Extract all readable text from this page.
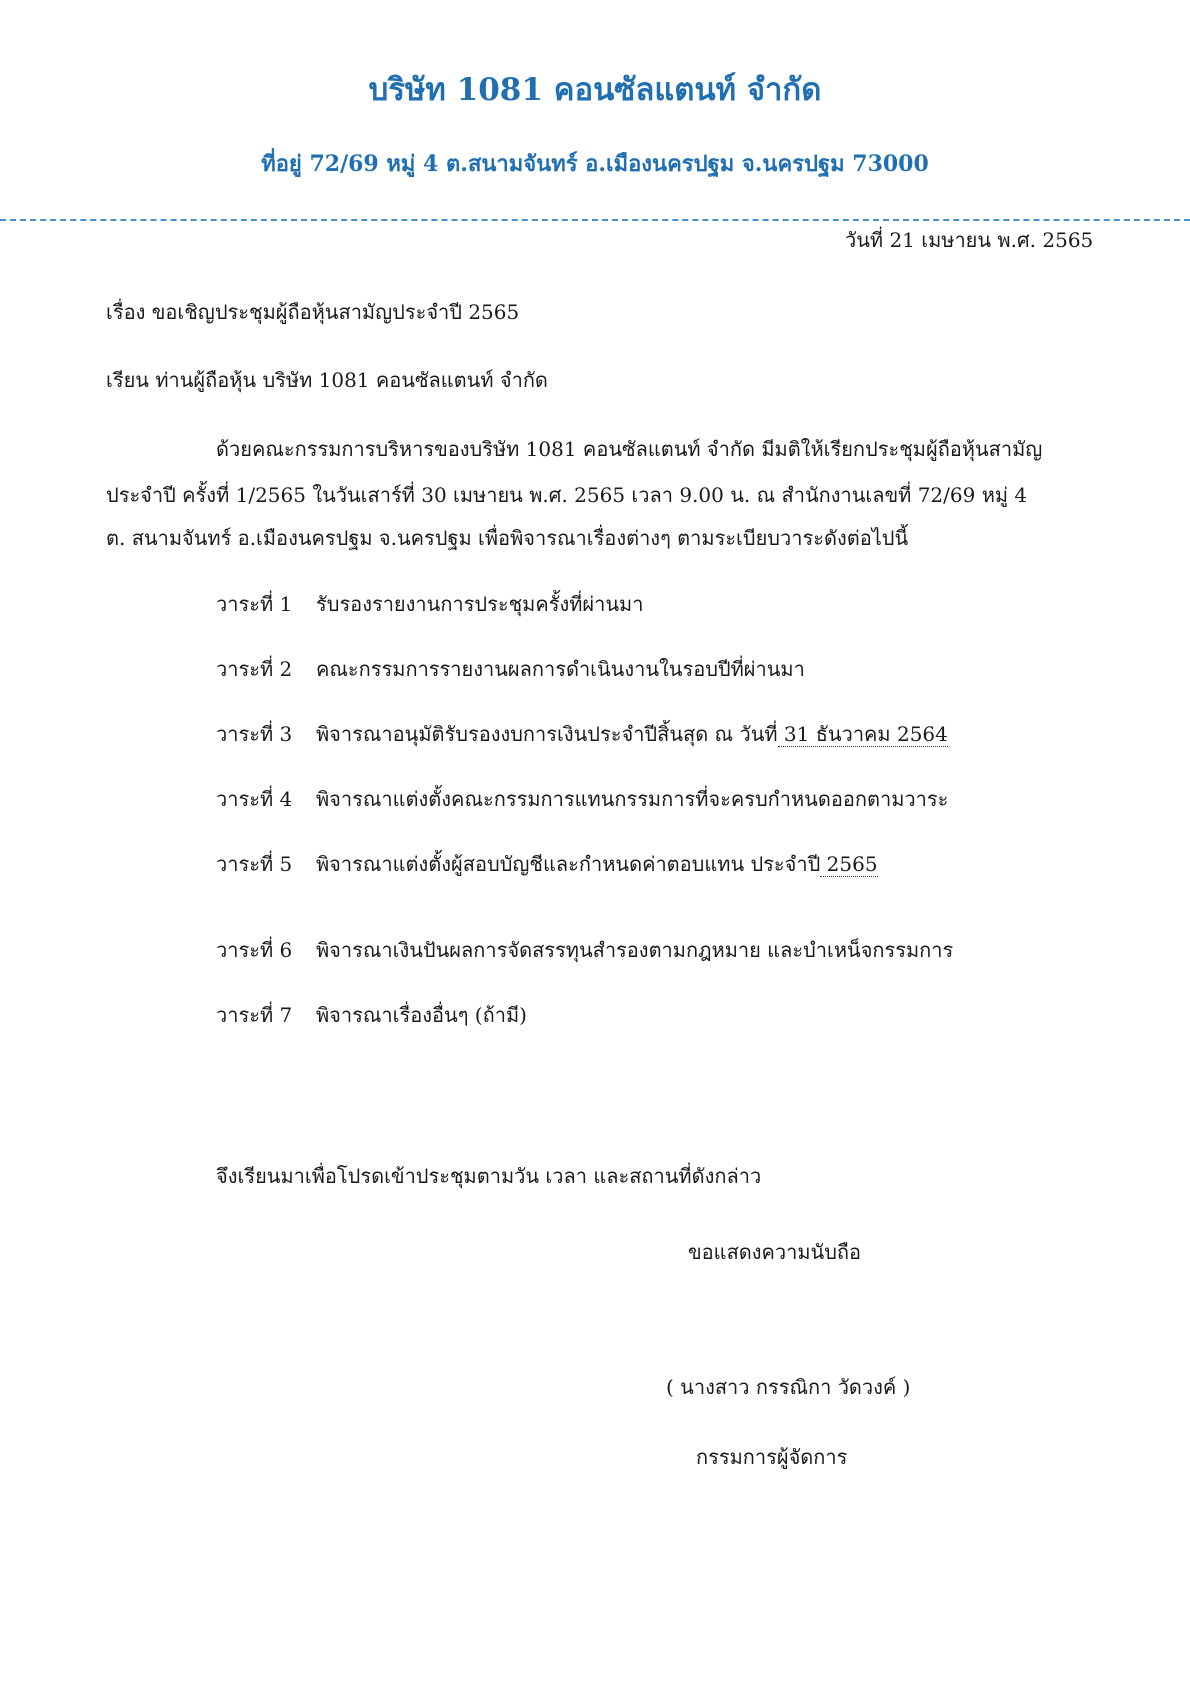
บริษัท 1081 คอนซัลแตนท์ จำกัด
ที่อยู่ 72/69 หมู่ 4 ต.สนามจันทร์ อ.เมืองนครปฐม จ.นครปฐม 73000
วันที่ 21 เมษายน พ.ศ. 2565
เรื่อง ขอเชิญประชุมผู้ถือหุ้นสามัญประจำปี 2565
เรียน ท่านผู้ถือหุ้น บริษัท 1081 คอนซัลแตนท์ จำกัด
ด้วยคณะกรรมการบริหารของบริษัท 1081 คอนซัลแตนท์ จำกัด มีมติให้เรียกประชุมผู้ถือหุ้นสามัญ
ประจำปี ครั้งที่ 1/2565 ในวันเสาร์ที่ 30 เมษายน พ.ศ. 2565 เวลา 9.00 น. ณ สำนักงานเลขที่ 72/69 หมู่ 4
ต. สนามจันทร์ อ.เมืองนครปฐม จ.นครปฐม เพื่อพิจารณาเรื่องต่างๆ ตามระเบียบวาระดังต่อไปนี้
วาระที่ 1 รับรองรายงานการประชุมครั้งที่ผ่านมา
วาระที่ 2 คณะกรรมการรายงานผลการดำเนินงานในรอบปีที่ผ่านมา
วาระที่ 3 พิจารณาอนุมัติรับรองงบการเงินประจำปีสิ้นสุด ณ วันที่ 31 ธันวาคม 2564
วาระที่ 4 พิจารณาแต่งตั้งคณะกรรมการแทนกรรมการที่จะครบกำหนดออกตามวาระ
วาระที่ 5 พิจารณาแต่งตั้งผู้สอบบัญชีและกำหนดค่าตอบแทน ประจำปี 2565
วาระที่ 6 พิจารณาเงินปันผลการจัดสรรทุนสำรองตามกฎหมาย และบำเหน็จกรรมการ
วาระที่ 7 พิจารณาเรื่องอื่นๆ (ถ้ามี)
จึงเรียนมาเพื่อโปรดเข้าประชุมตามวัน เวลา และสถานที่ดังกล่าว
ขอแสดงความนับถือ
( นางสาว กรรณิกา วัดวงค์ )
กรรมการผู้จัดการ
